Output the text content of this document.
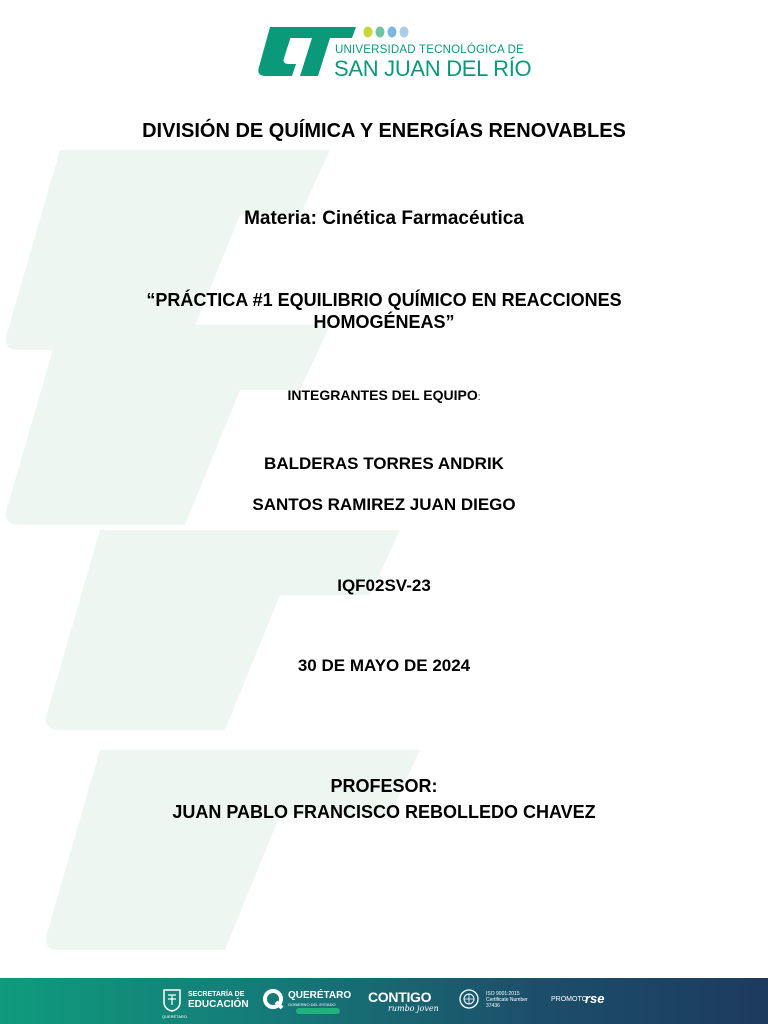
UNIVERSIDAD TECNOLÓGICA DE
SAN JUAN DEL RÍO
DIVISIÓN DE QUÍMICA Y ENERGÍAS RENOVABLES
Materia: Cinética Farmacéutica
“PRÁCTICA #1 EQUILIBRIO QUÍMICO EN REACCIONES
HOMOGÉNEAS”
INTEGRANTES DEL EQUIPO:
BALDERAS TORRES ANDRIK
SANTOS RAMIREZ JUAN DIEGO
IQF02SV-23
30 DE MAYO DE 2024
PROFESOR:
JUAN PABLO FRANCISCO REBOLLEDO CHAVEZ
SECRETARÍA DE
EDUCACIÓN
QUERÉTARO
QUERÉTARO
GOBIERNO DEL ESTADO CONTIGO
rumbo joven
ISO 9001:2015 Certificate Number 37436
PROMOTO
rse
